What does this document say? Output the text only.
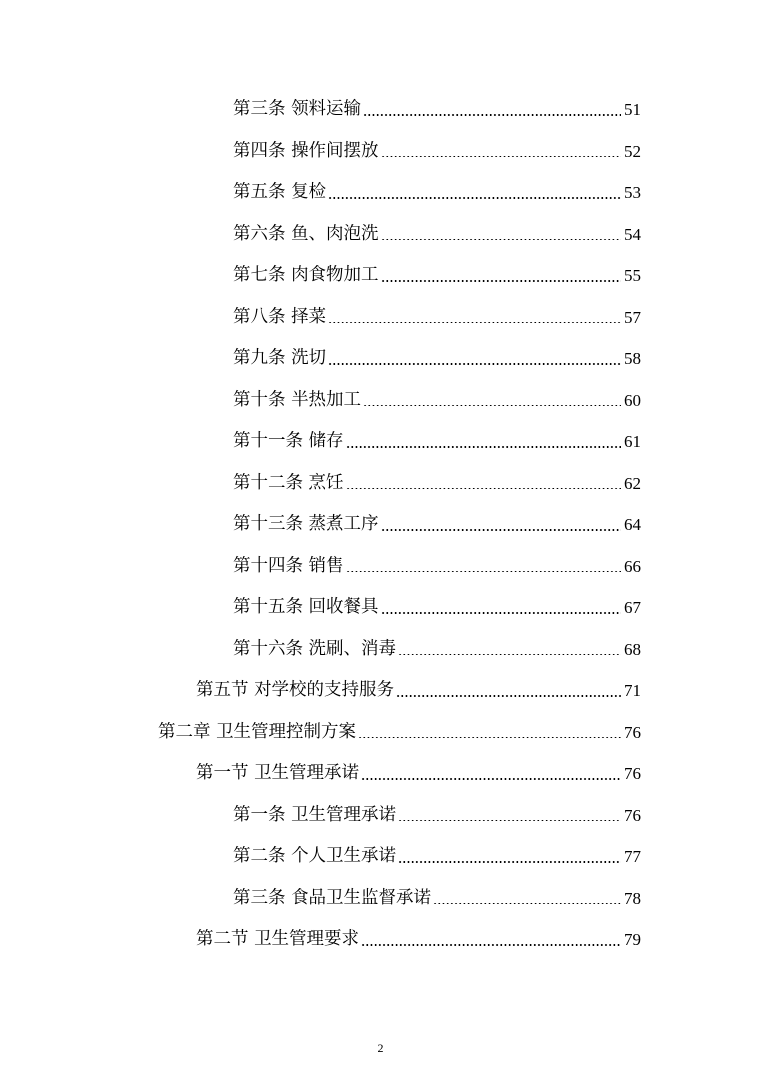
第三条 领料运输	51
第四条 操作间摆放	52
第五条 复检	53
第六条 鱼、肉泡洗	54
第七条 肉食物加工	55
第八条 择菜	57
第九条 洗切	58
第十条 半热加工	60
第十一条 储存	61
第十二条 烹饪	62
第十三条 蒸煮工序	64
第十四条 销售	66
第十五条 回收餐具	67
第十六条 洗刷、消毒	68
第五节 对学校的支持服务	71
第二章 卫生管理控制方案	76
第一节 卫生管理承诺	76
第一条 卫生管理承诺	76
第二条 个人卫生承诺	77
第三条 食品卫生监督承诺	78
第二节 卫生管理要求	79
2
